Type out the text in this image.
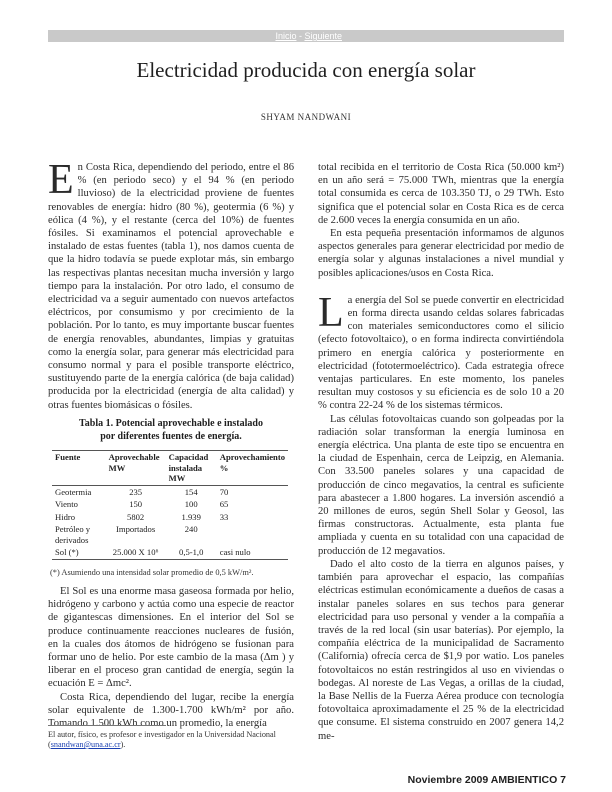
Inicio - Siguiente
Electricidad producida con energía solar
SHYAM NANDWANI

En Costa Rica, dependiendo del periodo, entre el 86 % (en periodo seco) y el 94 % (en periodo lluvioso) de la electricidad proviene de fuentes renovables de energía: hidro (80 %), geotermia (6 %) y eólica (4 %), y el restante (cerca del 10%) de fuentes fósiles. Si examinamos el potencial aprovechable e instalado de estas fuentes (tabla 1), nos damos cuenta de que la hidro todavía se puede explotar más, sin embargo las respectivas plantas necesitan mucha inversión y largo tiempo para la instalación. Por otro lado, el consumo de electricidad va a seguir aumentado con nuevos artefactos eléctricos, por consumismo y por crecimiento de la población. Por lo tanto, es muy importante buscar fuentes de energía renovables, abundantes, limpias y gratuitas como la energía solar, para generar más electricidad para consumo normal y para el posible transporte eléctrico, sustituyendo parte de la energía calórica (de baja calidad) producida por la electricidad (energía de alta calidad) y otras fuentes biomásicas o fósiles.

Tabla 1. Potencial aprovechable e instalado
por diferentes fuentes de energía.
Fuente	Aprovechable MW	Capacidad instalada MW	Aprovechamiento %
Geotermia	235	154	70
Viento	150	100	65
Hidro	5802	1.939	33
Petróleo y derivados	Importados	240	
Sol (*)	25.000 X 10⁶	0,5-1,0	casi nulo
(*) Asumiendo una intensidad solar promedio de 0,5 kW/m².

El Sol es una enorme masa gaseosa formada por helio, hidrógeno y carbono y actúa como una especie de reactor de gigantescas dimensiones. En el interior del Sol se produce continuamente reacciones nucleares de fusión, en la cuales dos átomos de hidrógeno se fusionan para formar uno de helio. Por este cambio de la masa (Δm ) y liberar en el proceso gran cantidad de energía, según la ecuación E = Δmc².

Costa Rica, dependiendo del lugar, recibe la energía solar equivalente de 1.300-1.700 kWh/m² por año. Tomando 1.500 kWh como un promedio, la energía

El autor, físico, es profesor e investigador en la Universidad Nacional (snandwan@una.ac.cr).

total recibida en el territorio de Costa Rica (50.000 km²) en un año será = 75.000 TWh, mientras que la energía total consumida es cerca de 103.350 TJ, o 29 TWh. Esto significa que el potencial solar en Costa Rica es de cerca de 2.600 veces la energía consumida en un año.

En esta pequeña presentación informamos de algunos aspectos generales para generar electricidad por medio de energía solar y algunas instalaciones a nivel mundial y posibles aplicaciones/usos en Costa Rica.

La energía del Sol se puede convertir en electricidad en forma directa usando celdas solares fabricadas con materiales semiconductores como el silicio (efecto fotovoltaico), o en forma indirecta convirtiéndola primero en energía calórica y posteriormente en electricidad (fototermoeléctrico). Cada estrategia ofrece ventajas particulares. En este momento, los paneles resultan muy costosos y su eficiencia es de solo 10 a 20 % contra 22-24 % de los sistemas térmicos.

Las células fotovoltaicas cuando son golpeadas por la radiación solar transforman la energía luminosa en energía eléctrica. Una planta de este tipo se encuentra en la ciudad de Espenhain, cerca de Leipzig, en Alemania. Con 33.500 paneles solares y una capacidad de producción de cinco megavatios, la central es suficiente para abastecer a 1.800 hogares. La inversión ascendió a 20 millones de euros, según Shell Solar y Geosol, las firmas constructoras. Actualmente, esta planta fue ampliada y cuenta en su totalidad con una capacidad de producción de 12 megavatios.

Dado el alto costo de la tierra en algunos países, y también para aprovechar el espacio, las compañías eléctricas estimulan económicamente a dueños de casas a instalar paneles solares en sus techos para generar electricidad para uso personal y vender a la compañía a través de la red local (sin usar baterías). Por ejemplo, la compañía eléctrica de la municipalidad de Sacramento (California) ofrecía cerca de $1,9 por watio. Los paneles fotovoltaicos no están restringidos al uso en viviendas o bodegas. Al noreste de Las Vegas, a orillas de la ciudad, la Base Nellis de la Fuerza Aérea produce con tecnología fotovoltaica aproximadamente el 25 % de la electricidad que consume. El sistema construido en 2007 genera 14,2 me-

Noviembre 2009 AMBIENTICO 7
